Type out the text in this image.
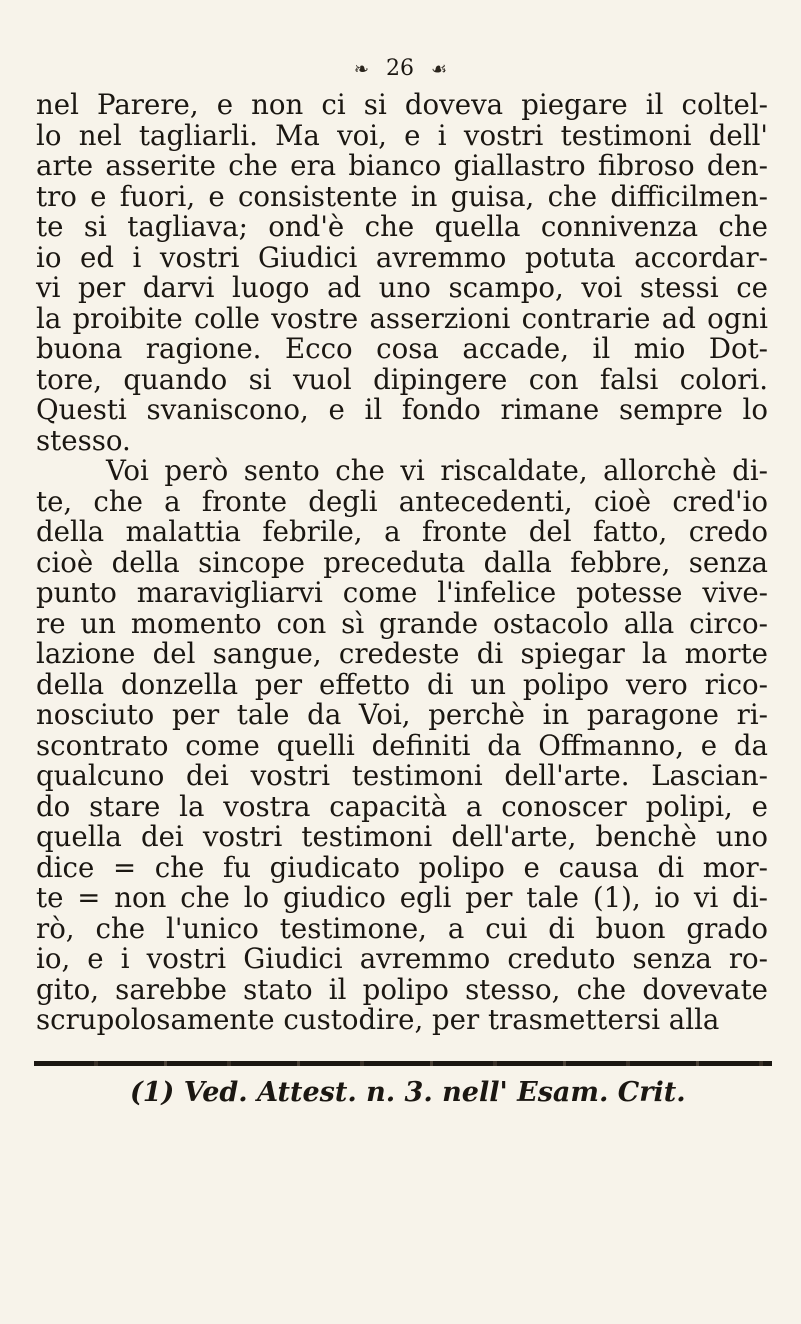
❧ 26 ☙
nel Parere, e non ci si doveva piegare il coltel-
lo nel tagliarli. Ma voi, e i vostri testimoni dell'
arte asserite che era bianco giallastro fibroso den-
tro e fuori, e consistente in guisa, che difficilmen-
te si tagliava; ond'è che quella connivenza che
io ed i vostri Giudici avremmo potuta accordar-
vi per darvi luogo ad uno scampo, voi stessi ce
la proibite colle vostre asserzioni contrarie ad ogni
buona ragione. Ecco cosa accade, il mio Dot-
tore, quando si vuol dipingere con falsi colori.
Questi svaniscono, e il fondo rimane sempre lo
stesso.
Voi però sento che vi riscaldate, allorchè di-
te, che a fronte degli antecedenti, cioè cred'io
della malattia febrile, a fronte del fatto, credo
cioè della sincope preceduta dalla febbre, senza
punto maravigliarvi come l'infelice potesse vive-
re un momento con sì grande ostacolo alla circo-
lazione del sangue, credeste di spiegar la morte
della donzella per effetto di un polipo vero rico-
nosciuto per tale da Voi, perchè in paragone ri-
scontrato come quelli definiti da Offmanno, e da
qualcuno dei vostri testimoni dell'arte. Lascian-
do stare la vostra capacità a conoscer polipi, e
quella dei vostri testimoni dell'arte, benchè uno
dice = che fu giudicato polipo e causa di mor-
te = non che lo giudico egli per tale (1), io vi di-
rò, che l'unico testimone, a cui di buon grado
io, e i vostri Giudici avremmo creduto senza ro-
gito, sarebbe stato il polipo stesso, che dovevate
scrupolosamente custodire, per trasmettersi alla
(1) Ved. Attest. n. 3. nell' Esam. Crit.
